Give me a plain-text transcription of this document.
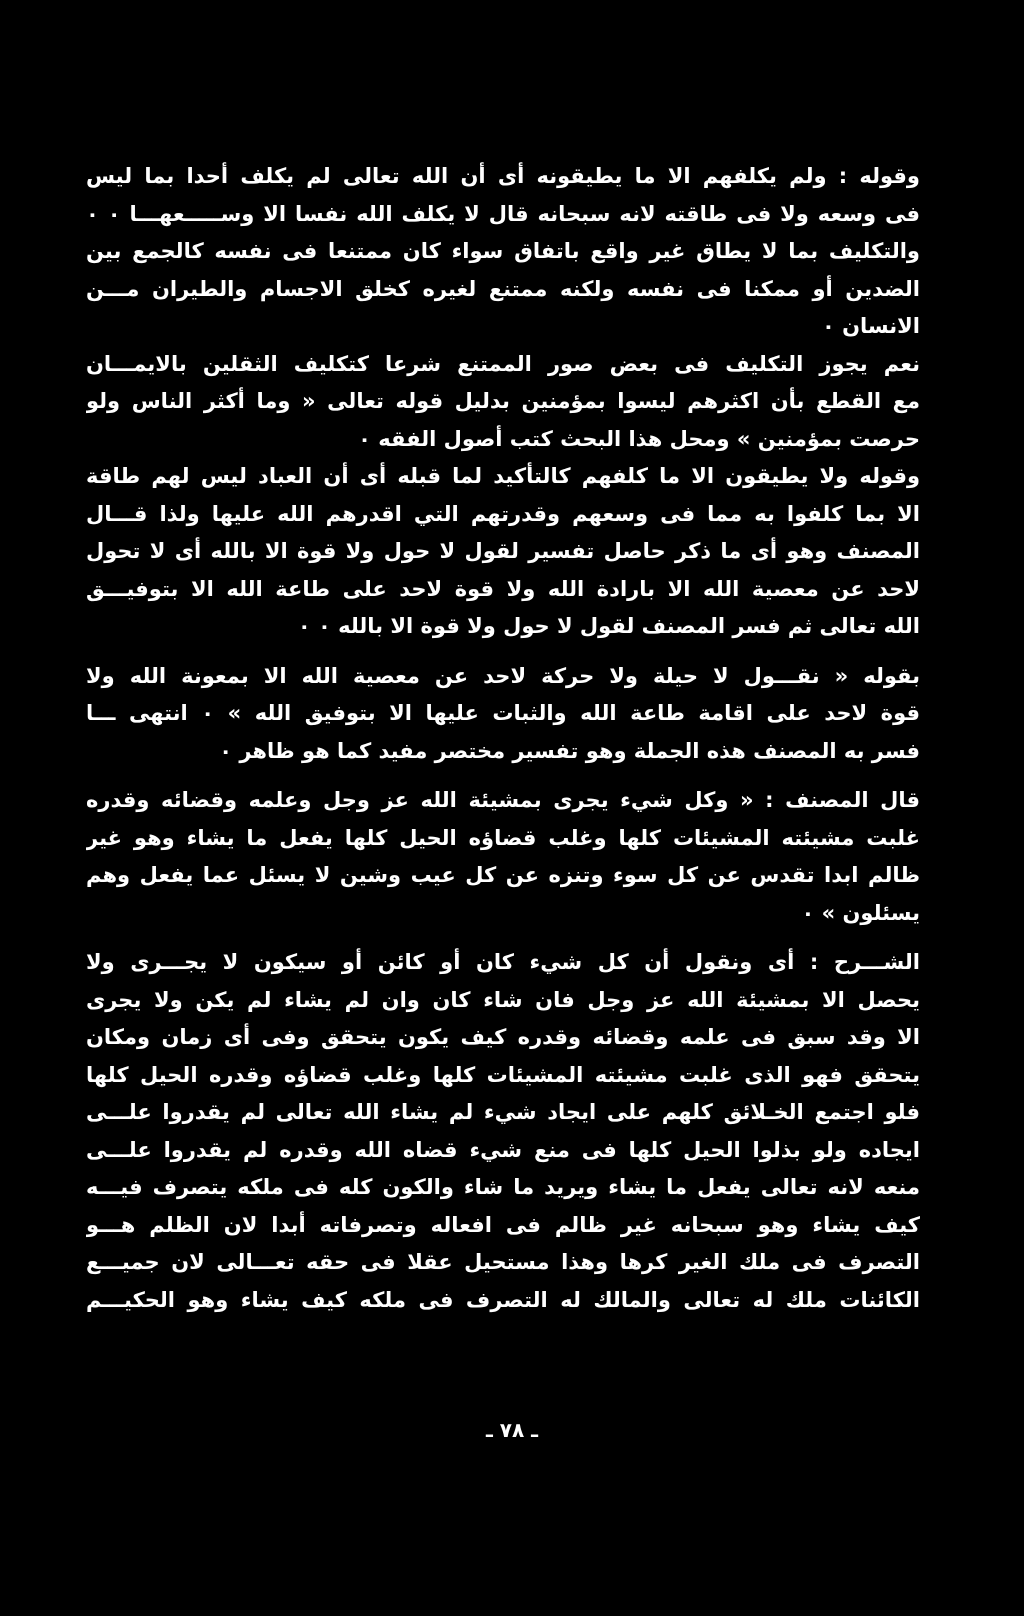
وقوله : ولم يكلفهم الا ما يطيقونه أى أن الله تعالى لم يكلف أحدا بما ليس
فى وسعه ولا فى طاقته لانه سبحانه قال لا يكلف الله نفسا الا وســـــعهـــا ٠ ٠
والتكليف بما لا يطاق غير واقع باتفاق سواء كان ممتنعا فى نفسه كالجمع بين
الضدين أو ممكنا فى نفسه ولكنه ممتنع لغيره كخلق الاجسام والطيران مـــن
الانسان ٠
نعم يجوز التكليف فى بعض صور الممتنع شرعا كتكليف الثقلين بالايمـــان
مع القطع بأن اكثرهم ليسوا بمؤمنين بدليل قوله تعالى « وما أكثر الناس ولو
حرصت بمؤمنين » ومحل هذا البحث كتب أصول الفقه ٠
وقوله ولا يطيقون الا ما كلفهم كالتأكيد لما قبله أى أن العباد ليس لهم طاقة
الا بما كلفوا به مما فى وسعهم وقدرتهم التي اقدرهم الله عليها ولذا قـــال
المصنف وهو أى ما ذكر حاصل تفسير لقول لا حول ولا قوة الا بالله أى لا تحول
لاحد عن معصية الله الا بارادة الله ولا قوة لاحد على طاعة الله الا بتوفيـــق
الله تعالى ثم فسر المصنف لقول لا حول ولا قوة الا بالله ٠ ٠
بقوله « نقـــول لا حيلة ولا حركة لاحد عن معصية الله الا بمعونة الله ولا
قوة لاحد على اقامة طاعة الله والثبات عليها الا بتوفيق الله » ٠ انتهى ـــا
فسر به المصنف هذه الجملة وهو تفسير مختصر مفيد كما هو ظاهر ٠
قال المصنف : « وكل شيء يجرى بمشيئة الله عز وجل وعلمه وقضائه وقدره
غلبت مشيئته المشيئات كلها وغلب قضاؤه الحيل كلها يفعل ما يشاء وهو غير
ظالم ابدا تقدس عن كل سوء وتنزه عن كل عيب وشين لا يسئل عما يفعل وهم
يسئلون » ٠
الشـــرح : أى ونقول أن كل شيء كان أو كائن أو سيكون لا يجـــرى ولا
يحصل الا بمشيئة الله عز وجل فان شاء كان وان لم يشاء لم يكن ولا يجرى
الا وقد سبق فى علمه وقضائه وقدره كيف يكون يتحقق وفى أى زمان ومكان
يتحقق فهو الذى غلبت مشيئته المشيئات كلها وغلب قضاؤه وقدره الحيل كلها
فلو اجتمع الخـلائق كلهم على ايجاد شيء لم يشاء الله تعالى لم يقدروا علـــى
ايجاده ولو بذلوا الحيل كلها فى منع شيء قضاه الله وقدره لم يقدروا علـــى
منعه لانه تعالى يفعل ما يشاء ويريد ما شاء والكون كله فى ملكه يتصرف فيـــه
كيف يشاء وهو سبحانه غير ظالم فى افعاله وتصرفاته أبدا لان الظلم هـــو
التصرف فى ملك الغير كرها وهذا مستحيل عقلا فى حقه تعـــالى لان جميـــع
الكائنات ملك له تعالى والمالك له التصرف فى ملكه كيف يشاء وهو الحكيـــم
ـ ٧٨ ـ
